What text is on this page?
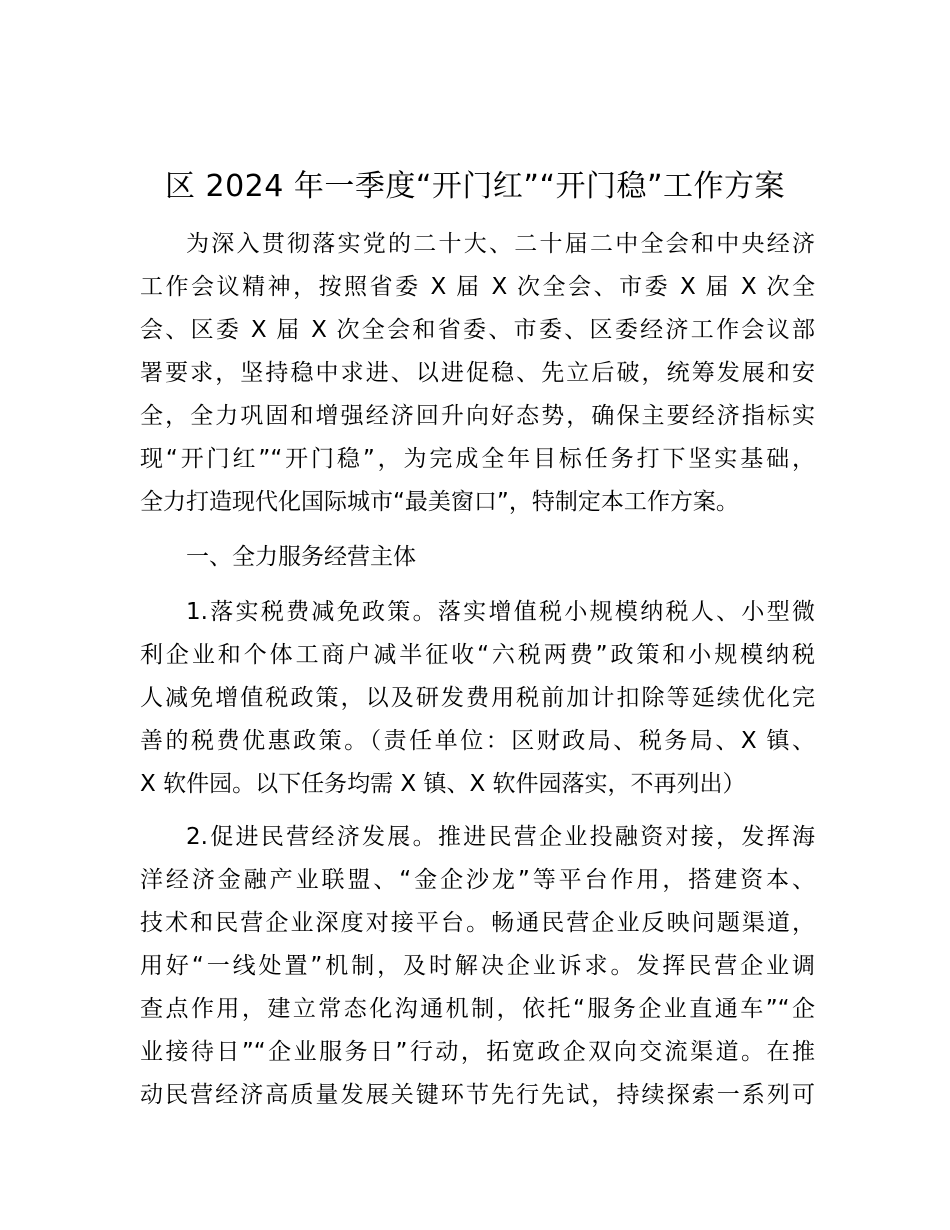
区 2024 年一季度“开门红”“开门稳”工作方案
为深入贯彻落实党的二十大、二十届二中全会和中央经济
工作会议精神，按照省委 X 届 X 次全会、市委 X 届 X 次全
会、区委 X 届 X 次全会和省委、市委、区委经济工作会议部
署要求，坚持稳中求进、以进促稳、先立后破，统筹发展和安
全，全力巩固和增强经济回升向好态势，确保主要经济指标实
现“开门红”“开门稳”，为完成全年目标任务打下坚实基础，
全力打造现代化国际城市“最美窗口”，特制定本工作方案。
一、全力服务经营主体
1.落实税费减免政策。落实增值税小规模纳税人、小型微
利企业和个体工商户减半征收“六税两费”政策和小规模纳税
人减免增值税政策，以及研发费用税前加计扣除等延续优化完
善的税费优惠政策。（责任单位：区财政局、税务局、X 镇、
X 软件园。以下任务均需 X 镇、X 软件园落实，不再列出）
2.促进民营经济发展。推进民营企业投融资对接，发挥海
洋经济金融产业联盟、“金企沙龙”等平台作用，搭建资本、
技术和民营企业深度对接平台。畅通民营企业反映问题渠道，
用好“一线处置”机制，及时解决企业诉求。发挥民营企业调
查点作用，建立常态化沟通机制，依托“服务企业直通车”“企
业接待日”“企业服务日”行动，拓宽政企双向交流渠道。在推
动民营经济高质量发展关键环节先行先试，持续探索一系列可
